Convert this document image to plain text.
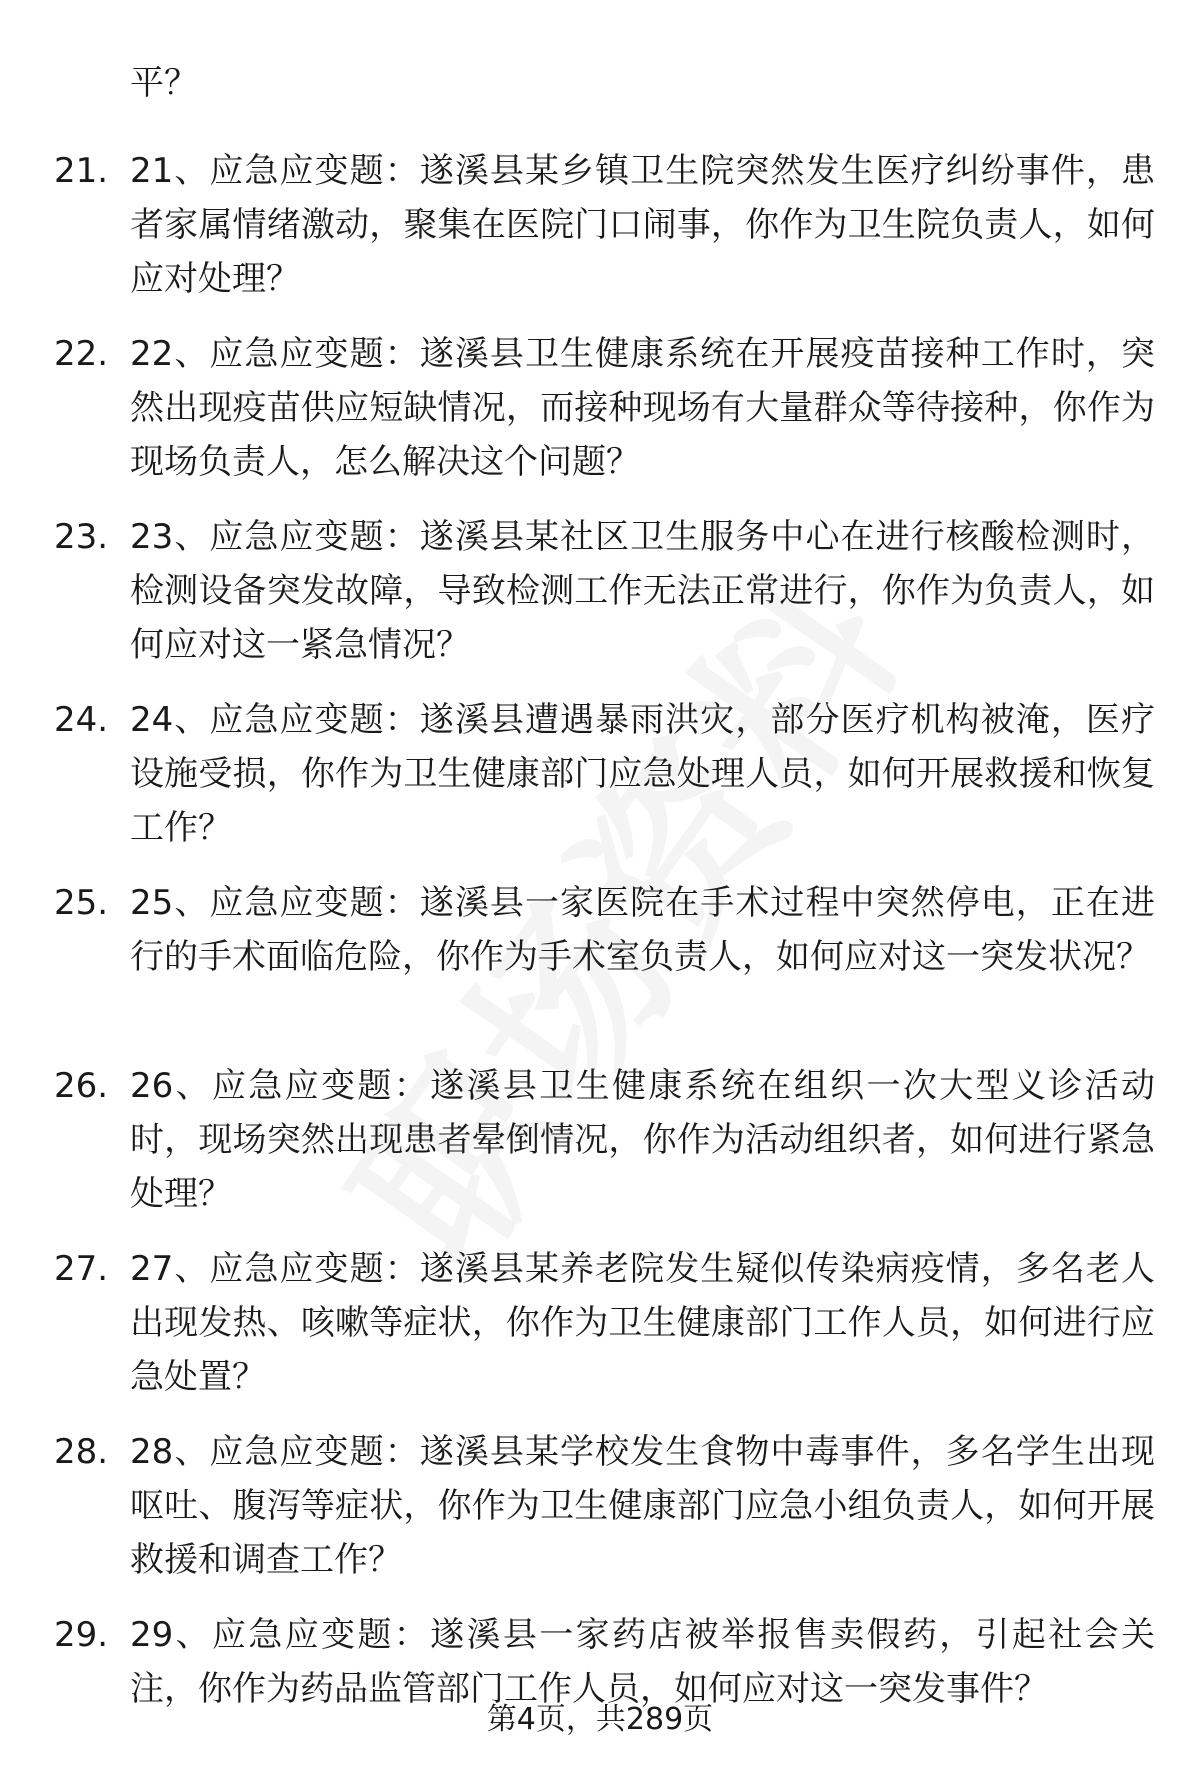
平？
21. 21、应急应变题：遂溪县某乡镇卫生院突然发生医疗纠纷事件，患者家属情绪激动，聚集在医院门口闹事，你作为卫生院负责人，如何应对处理？
22. 22、应急应变题：遂溪县卫生健康系统在开展疫苗接种工作时，突然出现疫苗供应短缺情况，而接种现场有大量群众等待接种，你作为现场负责人，怎么解决这个问题？
23. 23、应急应变题：遂溪县某社区卫生服务中心在进行核酸检测时，检测设备突发故障，导致检测工作无法正常进行，你作为负责人，如何应对这一紧急情况？
24. 24、应急应变题：遂溪县遭遇暴雨洪灾，部分医疗机构被淹，医疗设施受损，你作为卫生健康部门应急处理人员，如何开展救援和恢复工作？
25. 25、应急应变题：遂溪县一家医院在手术过程中突然停电，正在进行的手术面临危险，你作为手术室负责人，如何应对这一突发状况？
26. 26、应急应变题：遂溪县卫生健康系统在组织一次大型义诊活动时，现场突然出现患者晕倒情况，你作为活动组织者，如何进行紧急处理？
27. 27、应急应变题：遂溪县某养老院发生疑似传染病疫情，多名老人出现发热、咳嗽等症状，你作为卫生健康部门工作人员，如何进行应急处置？
28. 28、应急应变题：遂溪县某学校发生食物中毒事件，多名学生出现呕吐、腹泻等症状，你作为卫生健康部门应急小组负责人，如何开展救援和调查工作？
29. 29、应急应变题：遂溪县一家药店被举报售卖假药，引起社会关注，你作为药品监管部门工作人员，如何应对这一突发事件？
第4页，共289页
